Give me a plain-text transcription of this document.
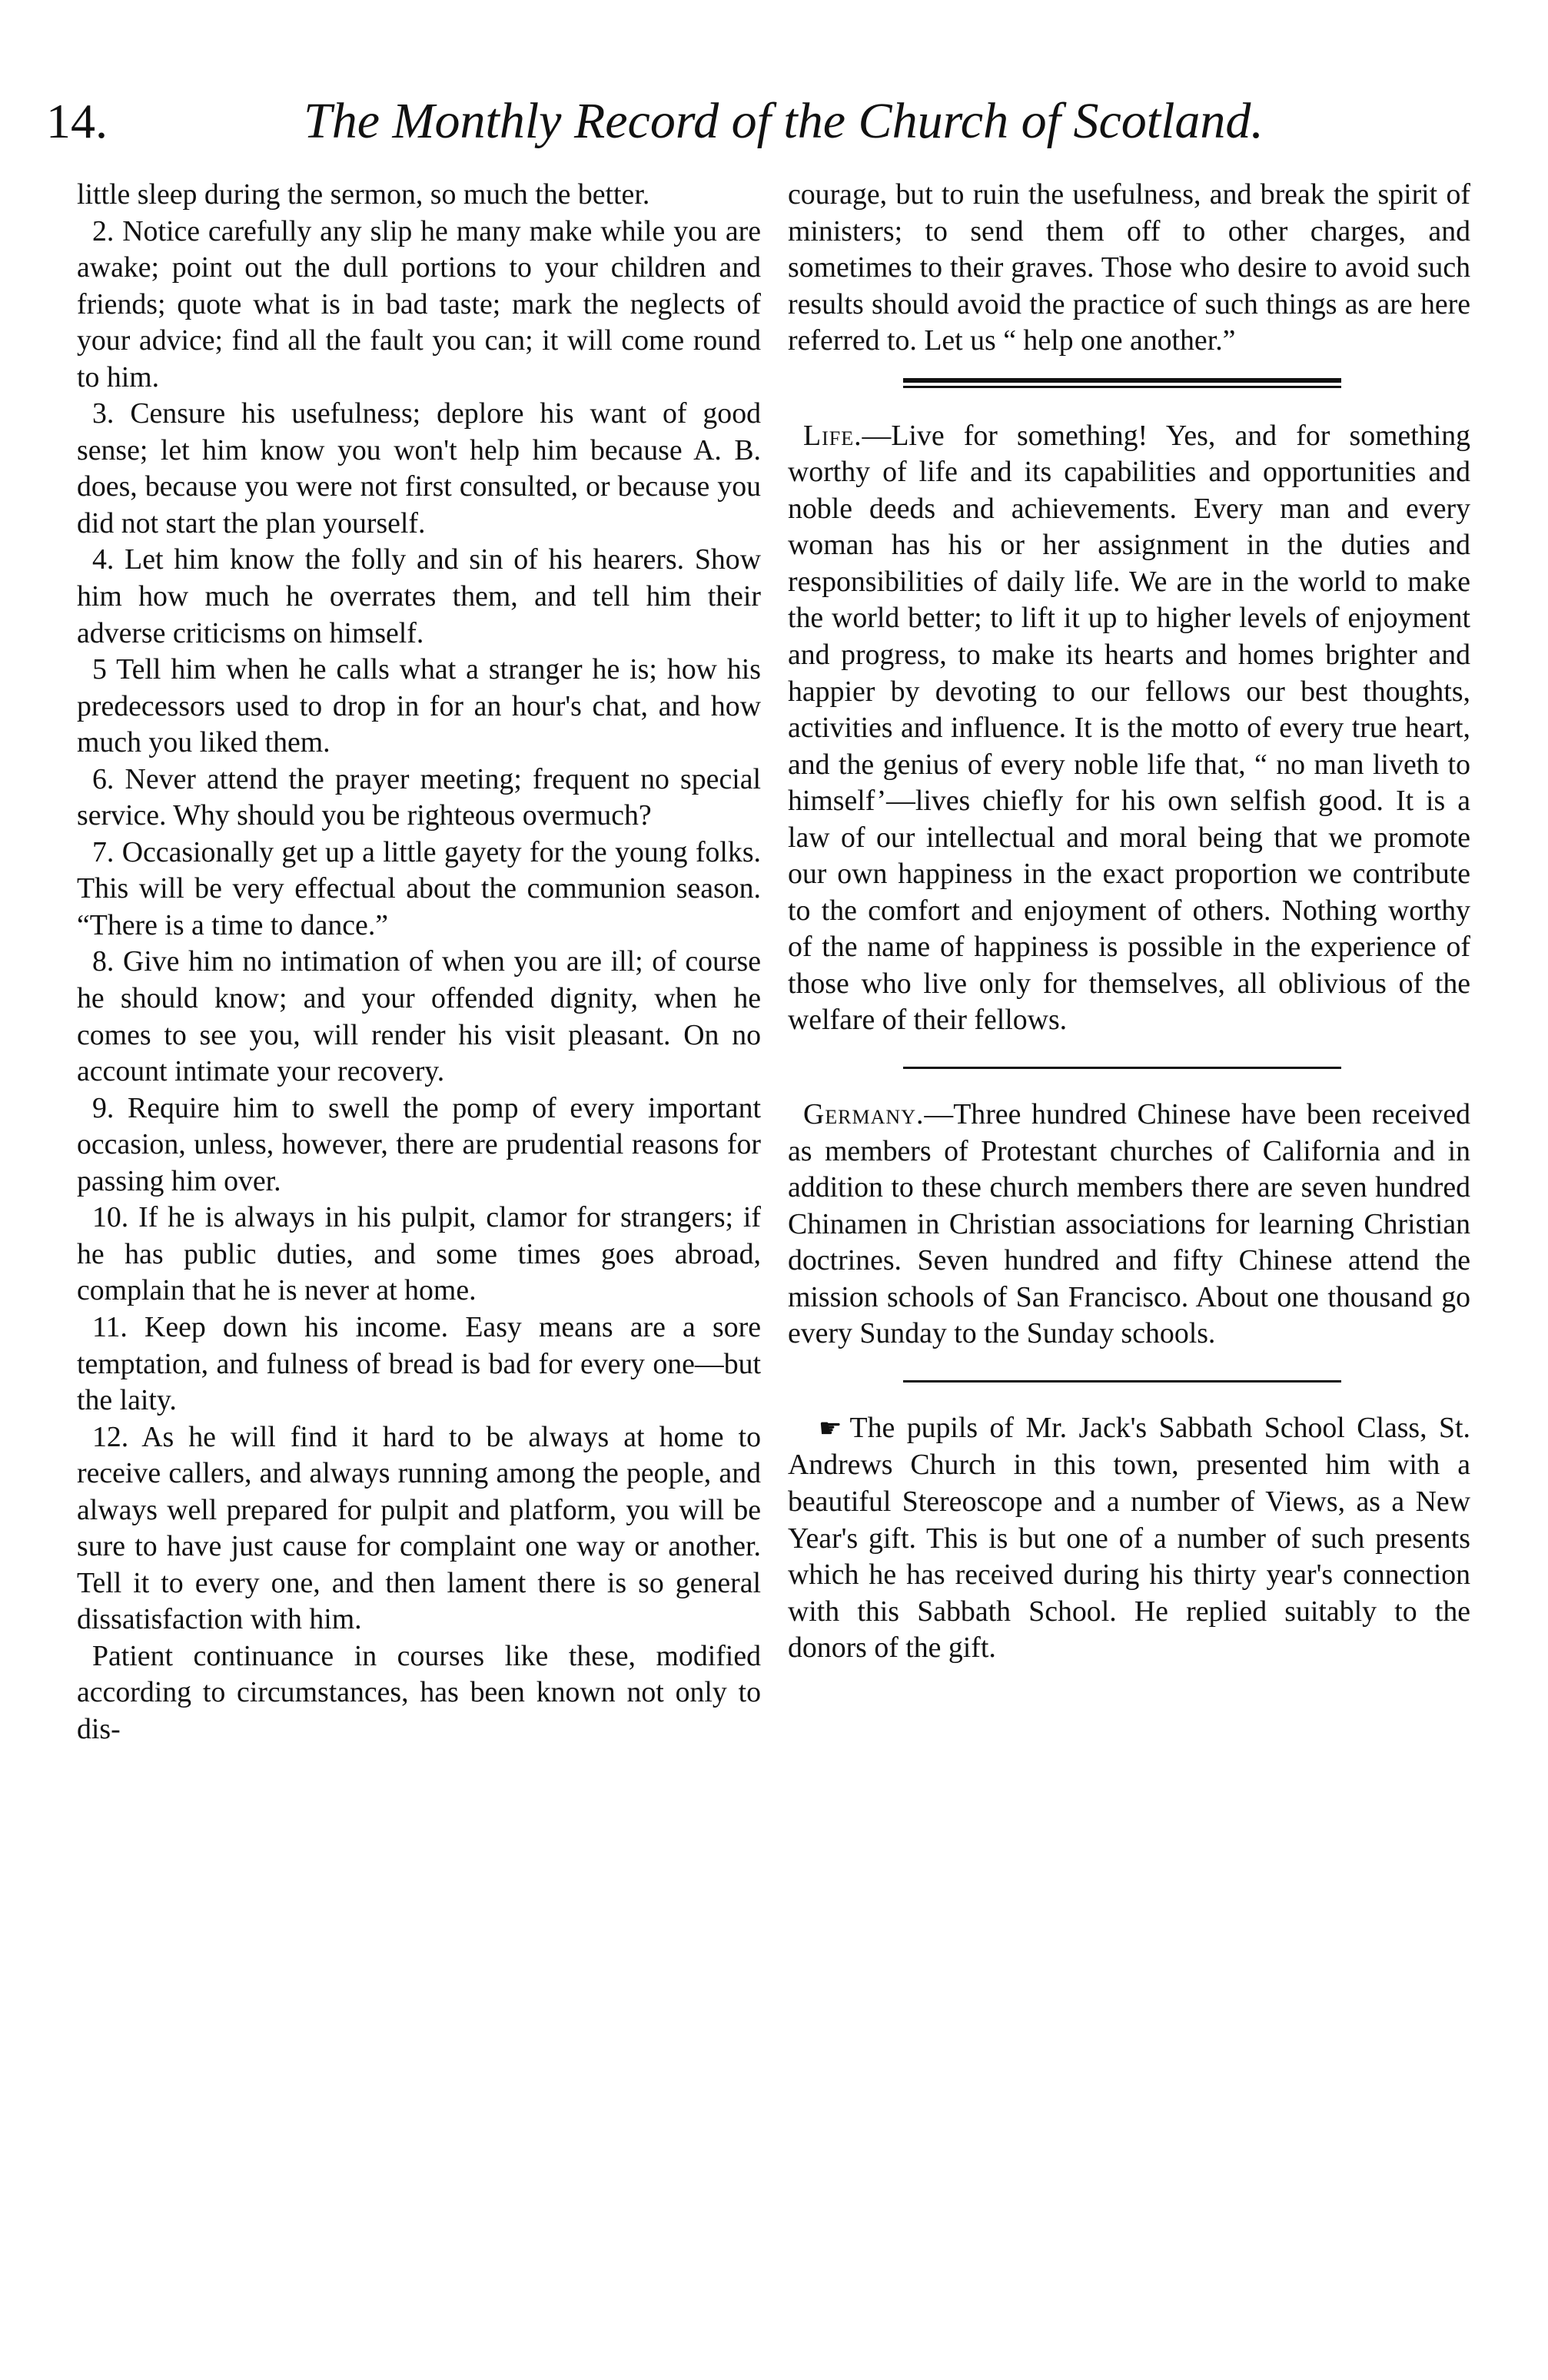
14.	The Monthly Record of the Church of Scotland.

little sleep during the sermon, so much the better.

2. Notice carefully any slip he many make while you are awake; point out the dull portions to your children and friends; quote what is in bad taste; mark the neglects of your advice; find all the fault you can; it will come round to him.

3. Censure his usefulness; deplore his want of good sense; let him know you won't help him because A. B. does, because you were not first consulted, or because you did not start the plan yourself.

4. Let him know the folly and sin of his hearers. Show him how much he overrates them, and tell him their adverse criticisms on himself.

5 Tell him when he calls what a stranger he is; how his predecessors used to drop in for an hour's chat, and how much you liked them.

6. Never attend the prayer meeting; frequent no special service. Why should you be righteous overmuch?

7. Occasionally get up a little gayety for the young folks. This will be very effectual about the communion season. “There is a time to dance.”

8. Give him no intimation of when you are ill; of course he should know; and your offended dignity, when he comes to see you, will render his visit pleasant. On no account intimate your recovery.

9. Require him to swell the pomp of every important occasion, unless, however, there are prudential reasons for passing him over.

10. If he is always in his pulpit, clamor for strangers; if he has public duties, and some times goes abroad, complain that he is never at home.

11. Keep down his income. Easy means are a sore temptation, and fulness of bread is bad for every one—but the laity.

12. As he will find it hard to be always at home to receive callers, and always running among the people, and always well prepared for pulpit and platform, you will be sure to have just cause for complaint one way or another. Tell it to every one, and then lament there is so general dissatisfaction with him.

Patient continuance in courses like these, modified according to circumstances, has been known not only to dis-

courage, but to ruin the usefulness, and break the spirit of ministers; to send them off to other charges, and sometimes to their graves. Those who desire to avoid such results should avoid the practice of such things as are here referred to. Let us “ help one another.”

Life.—Live for something! Yes, and for something worthy of life and its capabilities and opportunities and noble deeds and achievements. Every man and every woman has his or her assignment in the duties and responsibilities of daily life. We are in the world to make the world better; to lift it up to higher levels of enjoyment and progress, to make its hearts and homes brighter and happier by devoting to our fellows our best thoughts, activities and influence. It is the motto of every true heart, and the genius of every noble life that, “ no man liveth to himself’—lives chiefly for his own selfish good. It is a law of our intellectual and moral being that we promote our own happiness in the exact proportion we contribute to the comfort and enjoyment of others. Nothing worthy of the name of happiness is possible in the experience of those who live only for themselves, all oblivious of the welfare of their fellows.

Germany.—Three hundred Chinese have been received as members of Protestant churches of California and in addition to these church members there are seven hundred Chinamen in Christian associations for learning Christian doctrines. Seven hundred and fifty Chinese attend the mission schools of San Francisco. About one thousand go every Sunday to the Sunday schools.

☛ The pupils of Mr. Jack's Sabbath School Class, St. Andrews Church in this town, presented him with a beautiful Stereoscope and a number of Views, as a New Year's gift. This is but one of a number of such presents which he has received during his thirty year's connection with this Sabbath School. He replied suitably to the donors of the gift.
